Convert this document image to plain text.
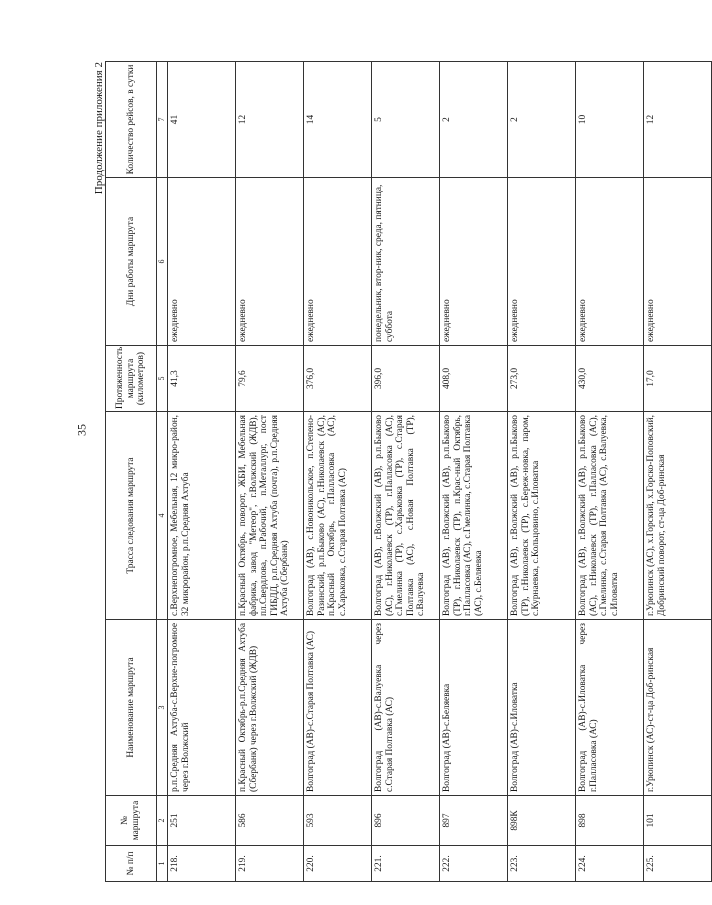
35
Продолжение приложения 2
№ п/п	№ маршрута	Наименование маршрута	Трасса следования маршрута	Протяженность маршрута (километров)	Дни работы маршрута	Количество рейсов, в сутки
1	2	3	4	5	6	7
218.	251	р.п.Средняя Ахтуба-с.Верхне-погромное через г.Волжский	с.Верхнепогромное, Мебельная, 12 микро-район, 32 микрорайон, р.п.Средняя Ахтуба	41,3	ежедневно	41
219.	586	п.Красный Октябрь-р.п.Средняя Ахтуба (Сбербанк) через г.Волжский (ЖДВ)	п.Красный Октябрь, поворот, ЖБИ, Мебельная фабрика, завод "Метеор", г.Волжский (ЖДВ), пл.Свердлова, п.Рабочий, п.Металлург, пост ГИБДД, р.п.Средняя Ахтуба (почта), р.п.Средняя Ахтуба (Сбербанк)	79,6	ежедневно	12
220.	593	Волгоград (АВ)-с.Старая Полтавка (АС)	Волгоград (АВ), с.Новоникольское, п.Степено-Разинский, р.п.Быково (АС), г.Николаевск (АС), п.Красный Октябрь, г.Палласовка (АС), с.Харьковка, с.Старая Полтавка (АС)	376,0	ежедневно	14
221.	896	Волгоград (АВ)-с.Валуевка через с.Старая Полтавка (АС)	Волгоград (АВ), г.Волжский (АВ), р.п.Быково (АС), г.Николаевск (ТР), г.Палласовка (АС), с.Гмелинка (ТР), с.Харьковка (ТР), с.Старая Полтавка (АС), с.Новая Полтавка (ТР), с.Валуевка	396,0	понедельник, втор-ник, среда, пятница, суббота	5
222.	897	Волгоград (АВ)-с.Беляевка	Волгоград (АВ), г.Волжский (АВ), р.п.Быково (ТР), г.Николаевск (ТР), п.Крас-ный Октябрь, г.Палласовка (АС), с.Гмелинка, с.Старая Полтавка (АС), с.Беляевка	408,0	ежедневно	2
223.	898К	Волгоград (АВ)-с.Иловатка	Волгоград (АВ), г.Волжский (АВ), р.п.Быково (ТР), г.Николаевск (ТР), с.Береж-новка, паром, с.Курнаевка, с.Кольцовино, с.Иловатка	273,0	ежедневно	2
224.	898	Волгоград (АВ)-с.Иловатка через г.Палласовка (АС)	Волгоград (АВ), г.Волжский (АВ), р.п.Быково (АС), г.Николаевск (ТР), г.Палласовка (АС), с.Гмелинка, с.Старая Полтавка (АС), с.Валуевка, с.Иловатка	430,0	ежедневно	10
225.	101	г.Урюпинск (АС)-ст-ца Доб-ринская	г.Урюпинск (АС), х.Горский, х.Горско-Поповский, Добринский поворот, ст-ца Доб-ринская	17,0	ежедневно	12
